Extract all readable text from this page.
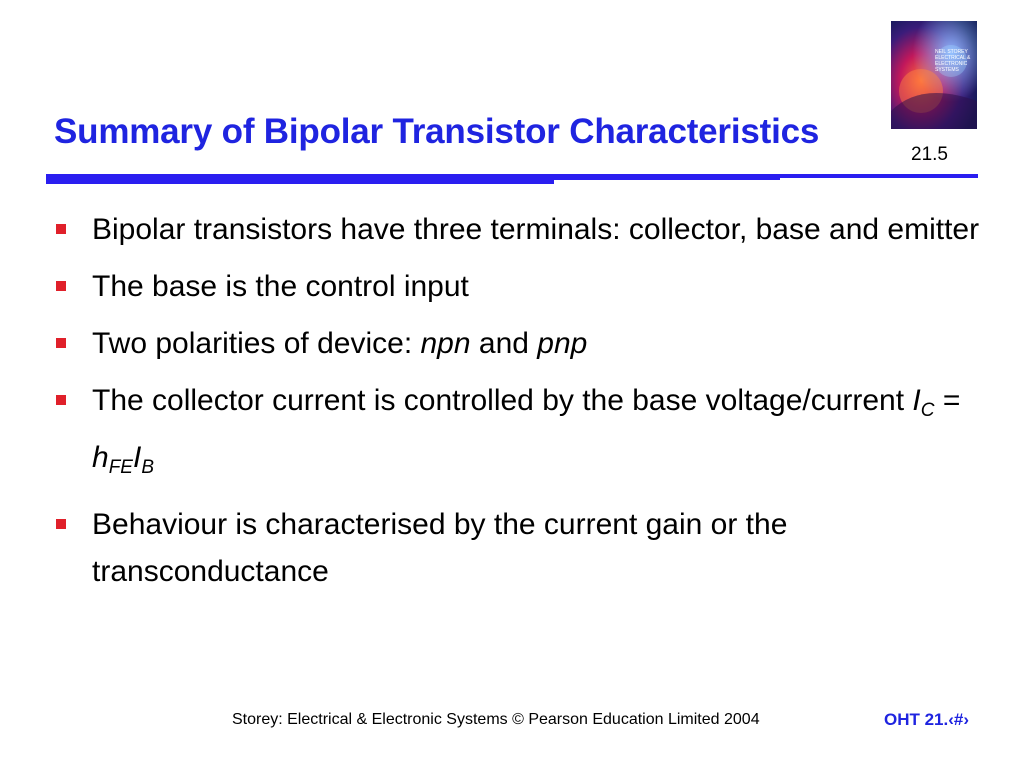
NEIL STOREY ELECTRICAL & ELECTRONIC SYSTEMS
Summary of Bipolar Transistor Characteristics
21.5
Bipolar transistors have three terminals: collector, base and emitter
The base is the control input
Two polarities of device: npn and pnp
The collector current is controlled by the base voltage/current $I_C = h_{FE}I_B$
Behaviour is characterised by the current gain or the transconductance
Storey: Electrical & Electronic Systems © Pearson Education Limited 2004	OHT 21.‹#›
